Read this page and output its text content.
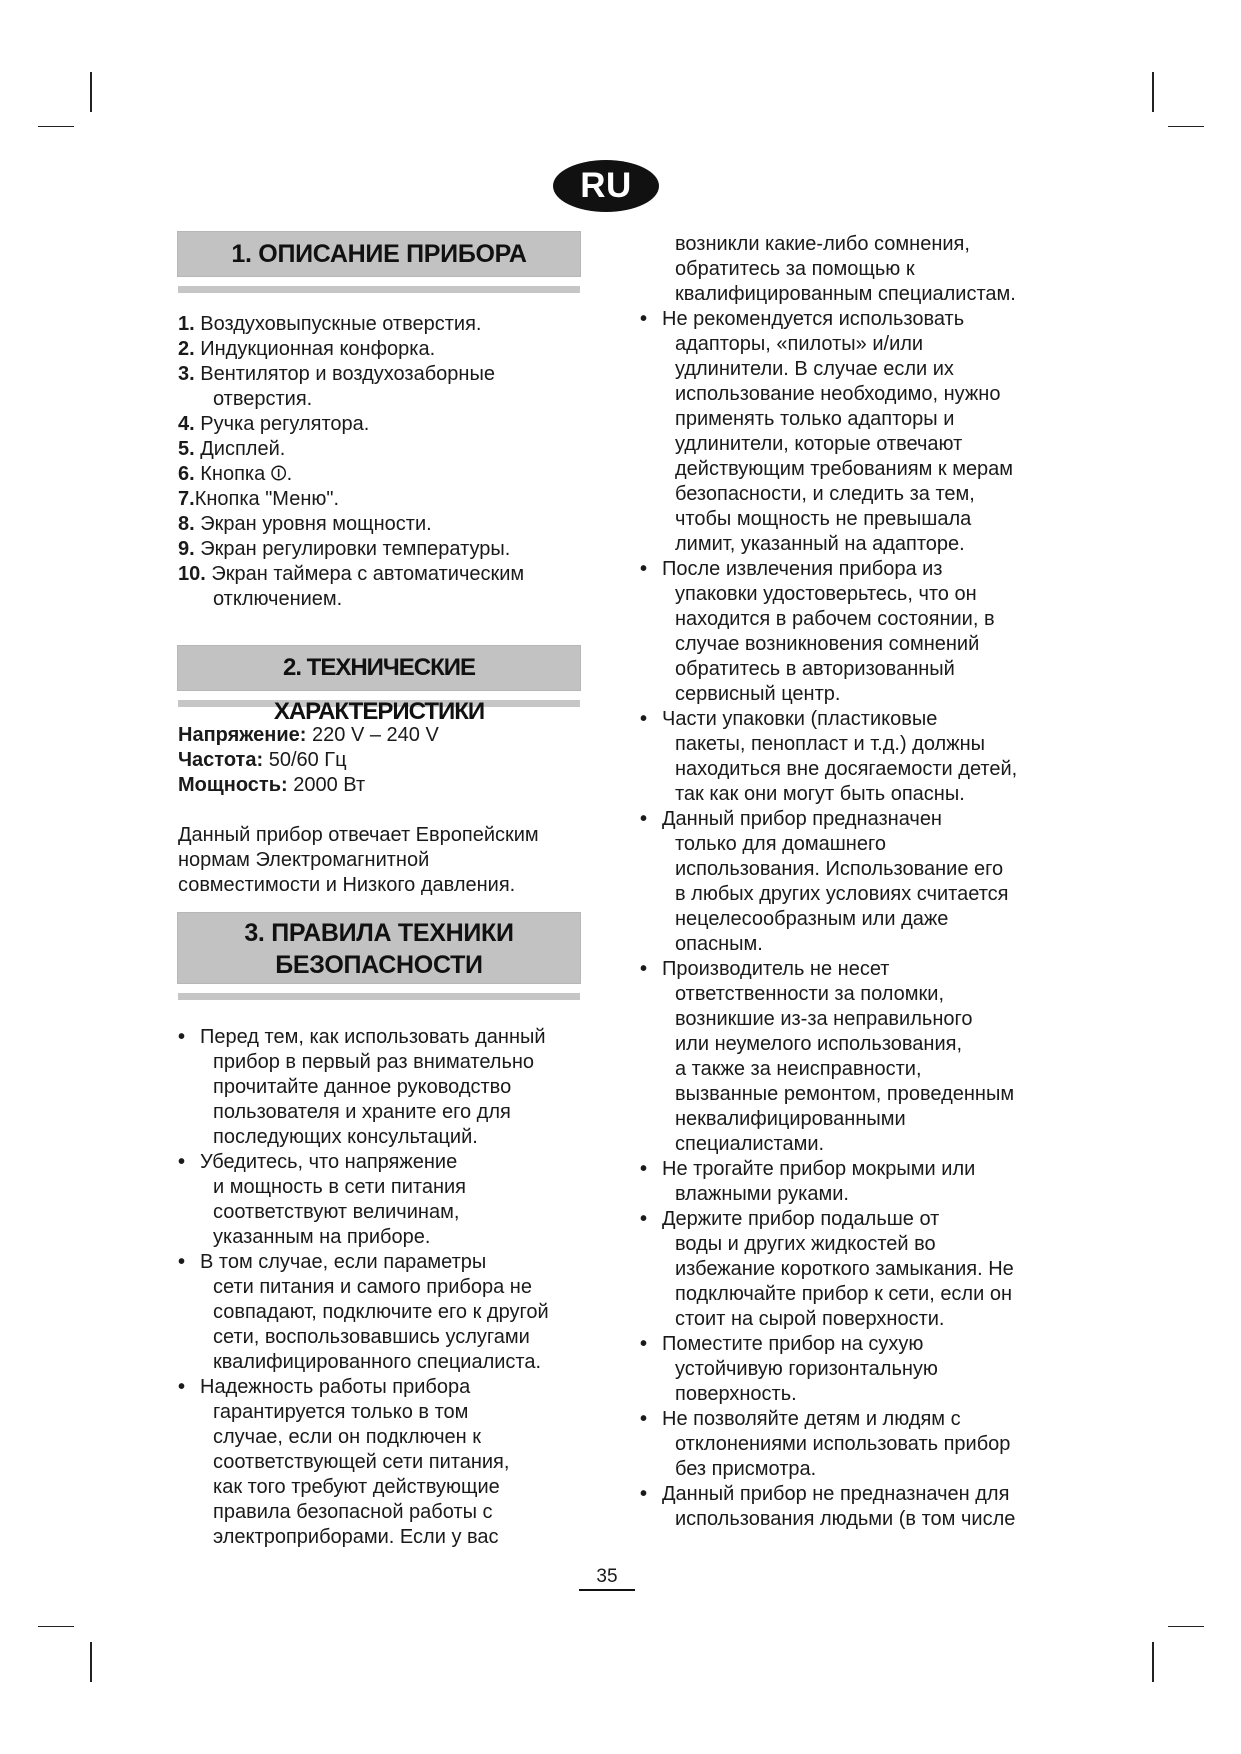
RU
1. ОПИСАНИЕ ПРИБОРА
1. Воздуховыпускные отверстия.
2. Индукционная конфорка.
3. Вентилятор и воздухозаборные
отверстия.
4. Ручка регулятора.
5. Дисплей.
6. Кнопка ⏼.
7.Кнопка "Меню".
8. Экран уровня мощности.
9. Экран регулировки температуры.
10. Экран таймера с автоматическим
отключением.
2. ТЕХНИЧЕСКИЕ ХАРАКТЕРИСТИКИ
Напряжение: 220 V – 240 V
Частота: 50/60 Гц
Мощность: 2000 Вт
Данный прибор отвечает Европейским
нормам Электромагнитной
совместимости и Низкого давления.
3. ПРАВИЛА ТЕХНИКИ
БЕЗОПАСНОСТИ
• Перед тем, как использовать данный
прибор в первый раз внимательно
прочитайте данное руководство
пользователя и храните его для
последующих консультаций.
• Убедитесь, что напряжение
и мощность в сети питания
соответствуют величинам,
указанным на приборе.
• В том случае, если параметры
сети питания и самого прибора не
совпадают, подключите его к другой
сети, воспользовавшись услугами
квалифицированного специалиста.
• Надежность работы прибора
гарантируется только в том
случае, если он подключен к
соответствующей сети питания,
как того требуют действующие
правила безопасной работы с
электроприборами. Если у вас
возникли какие-либо сомнения,
обратитесь за помощью к
квалифицированным специалистам.
• Не рекомендуется использовать
адапторы, «пилоты» и/или
удлинители. В случае если их
использование необходимо, нужно
применять только адапторы и
удлинители, которые отвечают
действующим требованиям к мерам
безопасности, и следить за тем,
чтобы мощность не превышала
лимит, указанный на адапторе.
• После извлечения прибора из
упаковки удостоверьтесь, что он
находится в рабочем состоянии, в
случае возникновения сомнений
обратитесь в авторизованный
сервисный центр.
• Части упаковки (пластиковые
пакеты, пенопласт и т.д.) должны
находиться вне досягаемости детей,
так как они могут быть опасны.
• Данный прибор предназначен
только для домашнего
использования. Использование его
в любых других условиях считается
нецелесообразным или даже
опасным.
• Производитель не несет
ответственности за поломки,
возникшие из-за неправильного
или неумелого использования,
а также за неисправности,
вызванные ремонтом, проведенным
неквалифицированными
специалистами.
• Не трогайте прибор мокрыми или
влажными руками.
• Держите прибор подальше от
воды и других жидкостей во
избежание короткого замыкания. Не
подключайте прибор к сети, если он
стоит на сырой поверхности.
• Поместите прибор на сухую
устойчивую горизонтальную
поверхность.
• Не позволяйте детям и людям с
отклонениями использовать прибор
без присмотра.
• Данный прибор не предназначен для
использования людьми (в том числе
35
